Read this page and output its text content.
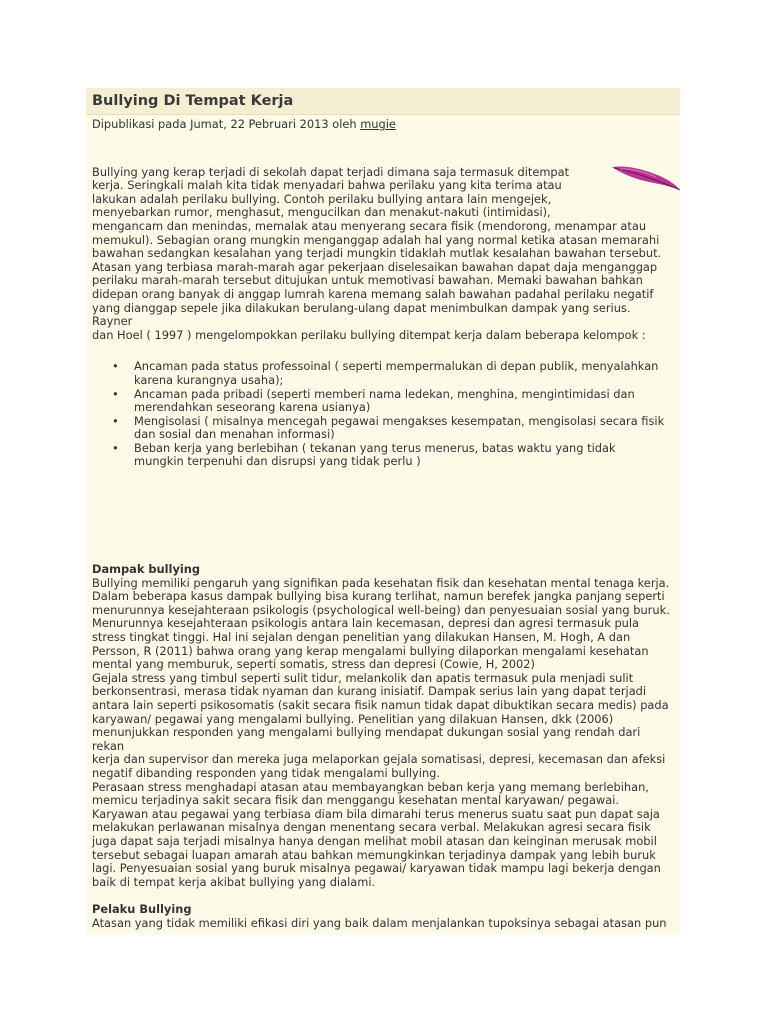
Bullying Di Tempat Kerja
Dipublikasi pada Jumat, 22 Pebruari 2013 oleh mugie
Bullying yang kerap terjadi di sekolah dapat terjadi dimana saja termasuk ditempat
kerja. Seringkali malah kita tidak menyadari bahwa perilaku yang kita terima atau
lakukan adalah perilaku bullying. Contoh perilaku bullying antara lain mengejek,
menyebarkan rumor, menghasut, mengucilkan dan menakut-nakuti (intimidasi),
mengancam dan menindas, memalak atau menyerang secara fisik (mendorong, menampar atau
memukul). Sebagian orang mungkin menganggap adalah hal yang normal ketika atasan memarahi
bawahan sedangkan kesalahan yang terjadi mungkin tidaklah mutlak kesalahan bawahan tersebut.
Atasan yang terbiasa marah-marah agar pekerjaan diselesaikan bawahan dapat daja menganggap
perilaku marah-marah tersebut ditujukan untuk memotivasi bawahan. Memaki bawahan bahkan
didepan orang banyak di anggap lumrah karena memang salah bawahan padahal perilaku negatif
yang dianggap sepele jika dilakukan berulang-ulang dapat menimbulkan dampak yang serius. Rayner
dan Hoel ( 1997 ) mengelompokkan perilaku bullying ditempat kerja dalam beberapa kelompok :
• Ancaman pada status professoinal ( seperti mempermalukan di depan publik, menyalahkan
karena kurangnya usaha);
• Ancaman pada pribadi (seperti memberi nama ledekan, menghina, mengintimidasi dan
merendahkan seseorang karena usianya)
• Mengisolasi ( misalnya mencegah pegawai mengakses kesempatan, mengisolasi secara fisik
dan sosial dan menahan informasi)
• Beban kerja yang berlebihan ( tekanan yang terus menerus, batas waktu yang tidak
mungkin terpenuhi dan disrupsi yang tidak perlu )

Dampak bullying

Bullying memiliki pengaruh yang signifikan pada kesehatan fisik dan kesehatan mental tenaga kerja.
Dalam beberapa kasus dampak bullying bisa kurang terlihat, namun berefek jangka panjang seperti
menurunnya kesejahteraan psikologis (psychological well-being) dan penyesuaian sosial yang buruk.
Menurunnya kesejahteraan psikologis antara lain kecemasan, depresi dan agresi termasuk pula
stress tingkat tinggi. Hal ini sejalan dengan penelitian yang dilakukan Hansen, M. Hogh, A dan
Persson, R (2011) bahwa orang yang kerap mengalami bullying dilaporkan mengalami kesehatan
mental yang memburuk, seperti somatis, stress dan depresi (Cowie, H, 2002)
Gejala stress yang timbul seperti sulit tidur, melankolik dan apatis termasuk pula menjadi sulit
berkonsentrasi, merasa tidak nyaman dan kurang inisiatif. Dampak serius lain yang dapat terjadi
antara lain seperti psikosomatis (sakit secara fisik namun tidak dapat dibuktikan secara medis) pada
karyawan/ pegawai yang mengalami bullying. Penelitian yang dilakuan Hansen, dkk (2006)
menunjukkan responden yang mengalami bullying mendapat dukungan sosial yang rendah dari rekan
kerja dan supervisor dan mereka juga melaporkan gejala somatisasi, depresi, kecemasan dan afeksi
negatif dibanding responden yang tidak mengalami bullying.
Perasaan stress menghadapi atasan atau membayangkan beban kerja yang memang berlebihan,
memicu terjadinya sakit secara fisik dan menggangu kesehatan mental karyawan/ pegawai.
Karyawan atau pegawai yang terbiasa diam bila dimarahi terus menerus suatu saat pun dapat saja
melakukan perlawanan misalnya dengan menentang secara verbal. Melakukan agresi secara fisik
juga dapat saja terjadi misalnya hanya dengan melihat mobil atasan dan keinginan merusak mobil
tersebut sebagai luapan amarah atau bahkan memungkinkan terjadinya dampak yang lebih buruk
lagi. Penyesuaian sosial yang buruk misalnya pegawai/ karyawan tidak mampu lagi bekerja dengan
baik di tempat kerja akibat bullying yang dialami.

Pelaku Bullying

Atasan yang tidak memiliki efikasi diri yang baik dalam menjalankan tupoksinya sebagai atasan pun
